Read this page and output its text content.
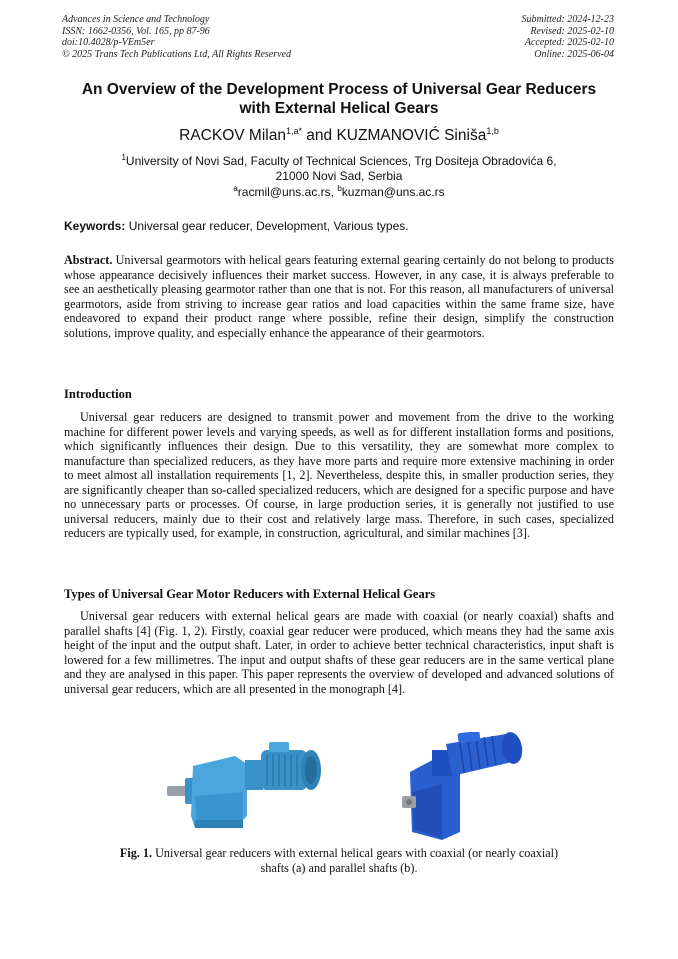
Advances in Science and Technology
ISSN: 1662-0356, Vol. 165, pp 87-96
doi:10.4028/p-VEm5er
© 2025 Trans Tech Publications Ltd, All Rights Reserved
Submitted: 2024-12-23
Revised: 2025-02-10
Accepted: 2025-02-10
Online: 2025-06-04
An Overview of the Development Process of Universal Gear Reducers
with External Helical Gears
RACKOV Milan$^{1,a*}$ and KUZMANOVIĆ Siniša$^{1,b}$
$^1$University of Novi Sad, Faculty of Technical Sciences, Trg Dositeja Obradovića 6,
21000 Novi Sad, Serbia
$^a$racmil@uns.ac.rs, $^b$kuzman@uns.ac.rs
Keywords: Universal gear reducer, Development, Various types.
Abstract. Universal gearmotors with helical gears featuring external gearing certainly do not belong to products whose appearance decisively influences their market success. However, in any case, it is always preferable to see an aesthetically pleasing gearmotor rather than one that is not. For this reason, all manufacturers of universal gearmotors, aside from striving to increase gear ratios and load capacities within the same frame size, have endeavored to expand their product range where possible, refine their design, simplify the construction solutions, improve quality, and especially enhance the appearance of their gearmotors.
Introduction
Universal gear reducers are designed to transmit power and movement from the drive to the working machine for different power levels and varying speeds, as well as for different installation forms and positions, which significantly influences their design. Due to this versatility, they are somewhat more complex to manufacture than specialized reducers, as they have more parts and require more extensive machining in order to meet almost all installation requirements [1, 2]. Nevertheless, despite this, in smaller production series, they are significantly cheaper than so-called specialized reducers, which are designed for a specific purpose and have no unnecessary parts or processes. Of course, in large production series, it is generally not justified to use universal reducers, mainly due to their cost and relatively large mass. Therefore, in such cases, specialized reducers are typically used, for example, in construction, agricultural, and similar machines [3].
Types of Universal Gear Motor Reducers with External Helical Gears
Universal gear reducers with external helical gears are made with coaxial (or nearly coaxial) shafts and parallel shafts [4] (Fig. 1, 2). Firstly, coaxial gear reducer were produced, which means they had the same axis height of the input and the output shaft. Later, in order to achieve better technical characteristics, input shaft is lowered for a few millimetres. The input and output shafts of these gear reducers are in the same vertical plane and they are analysed in this paper. This paper represents the overview of developed and advanced solutions of universal gear reducers, which are all presented in the monograph [4].
Fig. 1. Universal gear reducers with external helical gears with coaxial (or nearly coaxial)
shafts (a) and parallel shafts (b).
